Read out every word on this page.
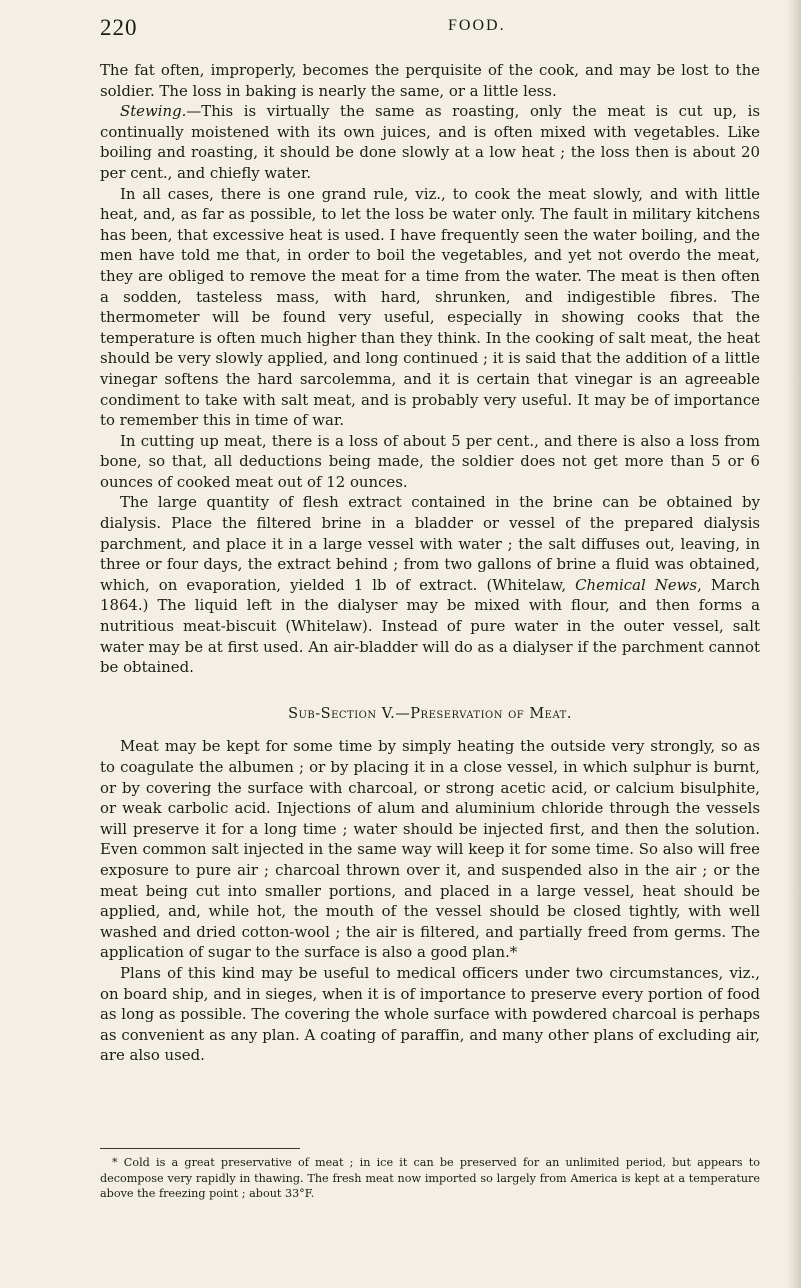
220	FOOD.

The fat often, improperly, becomes the perquisite of the cook, and may be lost to the soldier. The loss in baking is nearly the same, or a little less.

Stewing.—This is virtually the same as roasting, only the meat is cut up, is continually moistened with its own juices, and is often mixed with vegetables. Like boiling and roasting, it should be done slowly at a low heat ; the loss then is about 20 per cent., and chiefly water.

In all cases, there is one grand rule, viz., to cook the meat slowly, and with little heat, and, as far as possible, to let the loss be water only. The fault in military kitchens has been, that excessive heat is used. I have frequently seen the water boiling, and the men have told me that, in order to boil the vegetables, and yet not overdo the meat, they are obliged to remove the meat for a time from the water. The meat is then often a sodden, tasteless mass, with hard, shrunken, and indigestible fibres. The thermometer will be found very useful, especially in showing cooks that the temperature is often much higher than they think. In the cooking of salt meat, the heat should be very slowly applied, and long continued ; it is said that the addition of a little vinegar softens the hard sarcolemma, and it is certain that vinegar is an agreeable condiment to take with salt meat, and is probably very useful. It may be of importance to remember this in time of war.

In cutting up meat, there is a loss of about 5 per cent., and there is also a loss from bone, so that, all deductions being made, the soldier does not get more than 5 or 6 ounces of cooked meat out of 12 ounces.

The large quantity of flesh extract contained in the brine can be obtained by dialysis. Place the filtered brine in a bladder or vessel of the prepared dialysis parchment, and place it in a large vessel with water ; the salt diffuses out, leaving, in three or four days, the extract behind ; from two gallons of brine a fluid was obtained, which, on evaporation, yielded 1 lb of extract. (Whitelaw, Chemical News, March 1864.) The liquid left in the dialyser may be mixed with flour, and then forms a nutritious meat-biscuit (Whitelaw). Instead of pure water in the outer vessel, salt water may be at first used. An air-bladder will do as a dialyser if the parchment cannot be obtained.

Sub-Section V.—Preservation of Meat.

Meat may be kept for some time by simply heating the outside very strongly, so as to coagulate the albumen ; or by placing it in a close vessel, in which sulphur is burnt, or by covering the surface with charcoal, or strong acetic acid, or calcium bisulphite, or weak carbolic acid. Injections of alum and aluminium chloride through the vessels will preserve it for a long time ; water should be injected first, and then the solution. Even common salt injected in the same way will keep it for some time. So also will free exposure to pure air ; charcoal thrown over it, and suspended also in the air ; or the meat being cut into smaller portions, and placed in a large vessel, heat should be applied, and, while hot, the mouth of the vessel should be closed tightly, with well washed and dried cotton-wool ; the air is filtered, and partially freed from germs. The application of sugar to the surface is also a good plan.*

Plans of this kind may be useful to medical officers under two circumstances, viz., on board ship, and in sieges, when it is of importance to preserve every portion of food as long as possible. The covering the whole surface with powdered charcoal is perhaps as convenient as any plan. A coating of paraffin, and many other plans of excluding air, are also used.

* Cold is a great preservative of meat ; in ice it can be preserved for an unlimited period, but appears to decompose very rapidly in thawing. The fresh meat now imported so largely from America is kept at a temperature above the freezing point ; about 33°F.
